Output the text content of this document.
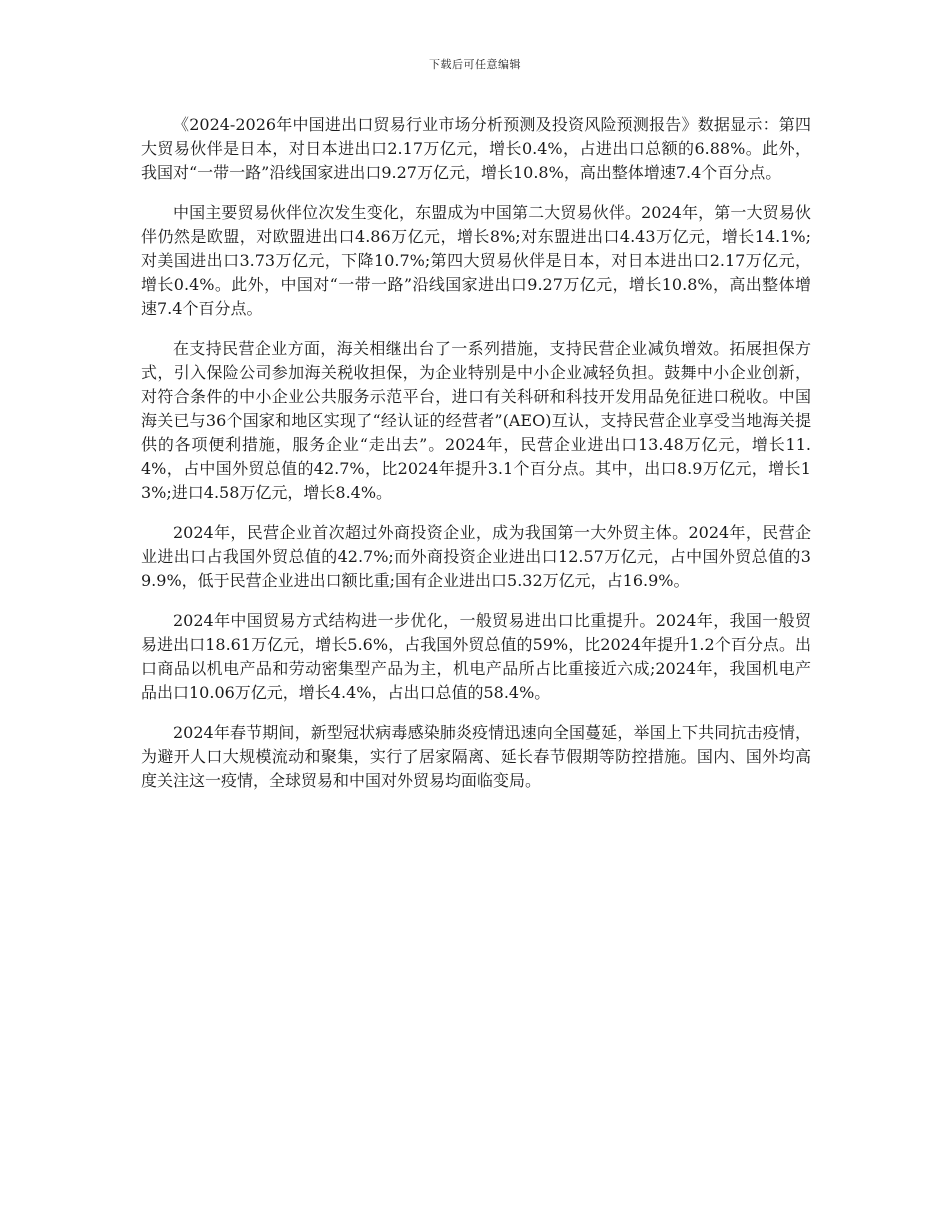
下载后可任意编辑

《2024-2026年中国进出口贸易行业市场分析预测及投资风险预测报告》数据显示：第四大贸易伙伴是日本，对日本进出口2.17万亿元，增长0.4%，占进出口总额的6.88%。此外，我国对“一带一路”沿线国家进出口9.27万亿元，增长10.8%，高出整体增速7.4个百分点。

中国主要贸易伙伴位次发生变化，东盟成为中国第二大贸易伙伴。2024年，第一大贸易伙伴仍然是欧盟，对欧盟进出口4.86万亿元，增长8%;对东盟进出口4.43万亿元，增长14.1%;对美国进出口3.73万亿元，下降10.7%;第四大贸易伙伴是日本，对日本进出口2.17万亿元，增长0.4%。此外，中国对“一带一路”沿线国家进出口9.27万亿元，增长10.8%，高出整体增速7.4个百分点。

在支持民营企业方面，海关相继出台了一系列措施，支持民营企业减负增效。拓展担保方式，引入保险公司参加海关税收担保，为企业特别是中小企业减轻负担。鼓舞中小企业创新，对符合条件的中小企业公共服务示范平台，进口有关科研和科技开发用品免征进口税收。中国海关已与36个国家和地区实现了“经认证的经营者”(AEO)互认，支持民营企业享受当地海关提供的各项便利措施，服务企业“走出去”。2024年，民营企业进出口13.48万亿元，增长11.4%，占中国外贸总值的42.7%，比2024年提升3.1个百分点。其中，出口8.9万亿元，增长13%;进口4.58万亿元，增长8.4%。

2024年，民营企业首次超过外商投资企业，成为我国第一大外贸主体。2024年，民营企业进出口占我国外贸总值的42.7%;而外商投资企业进出口12.57万亿元，占中国外贸总值的39.9%，低于民营企业进出口额比重;国有企业进出口5.32万亿元，占16.9%。

2024年中国贸易方式结构进一步优化，一般贸易进出口比重提升。2024年，我国一般贸易进出口18.61万亿元，增长5.6%，占我国外贸总值的59%，比2024年提升1.2个百分点。出口商品以机电产品和劳动密集型产品为主，机电产品所占比重接近六成;2024年，我国机电产品出口10.06万亿元，增长4.4%，占出口总值的58.4%。

2024年春节期间，新型冠状病毒感染肺炎疫情迅速向全国蔓延，举国上下共同抗击疫情，为避开人口大规模流动和聚集，实行了居家隔离、延长春节假期等防控措施。国内、国外均高度关注这一疫情，全球贸易和中国对外贸易均面临变局。
